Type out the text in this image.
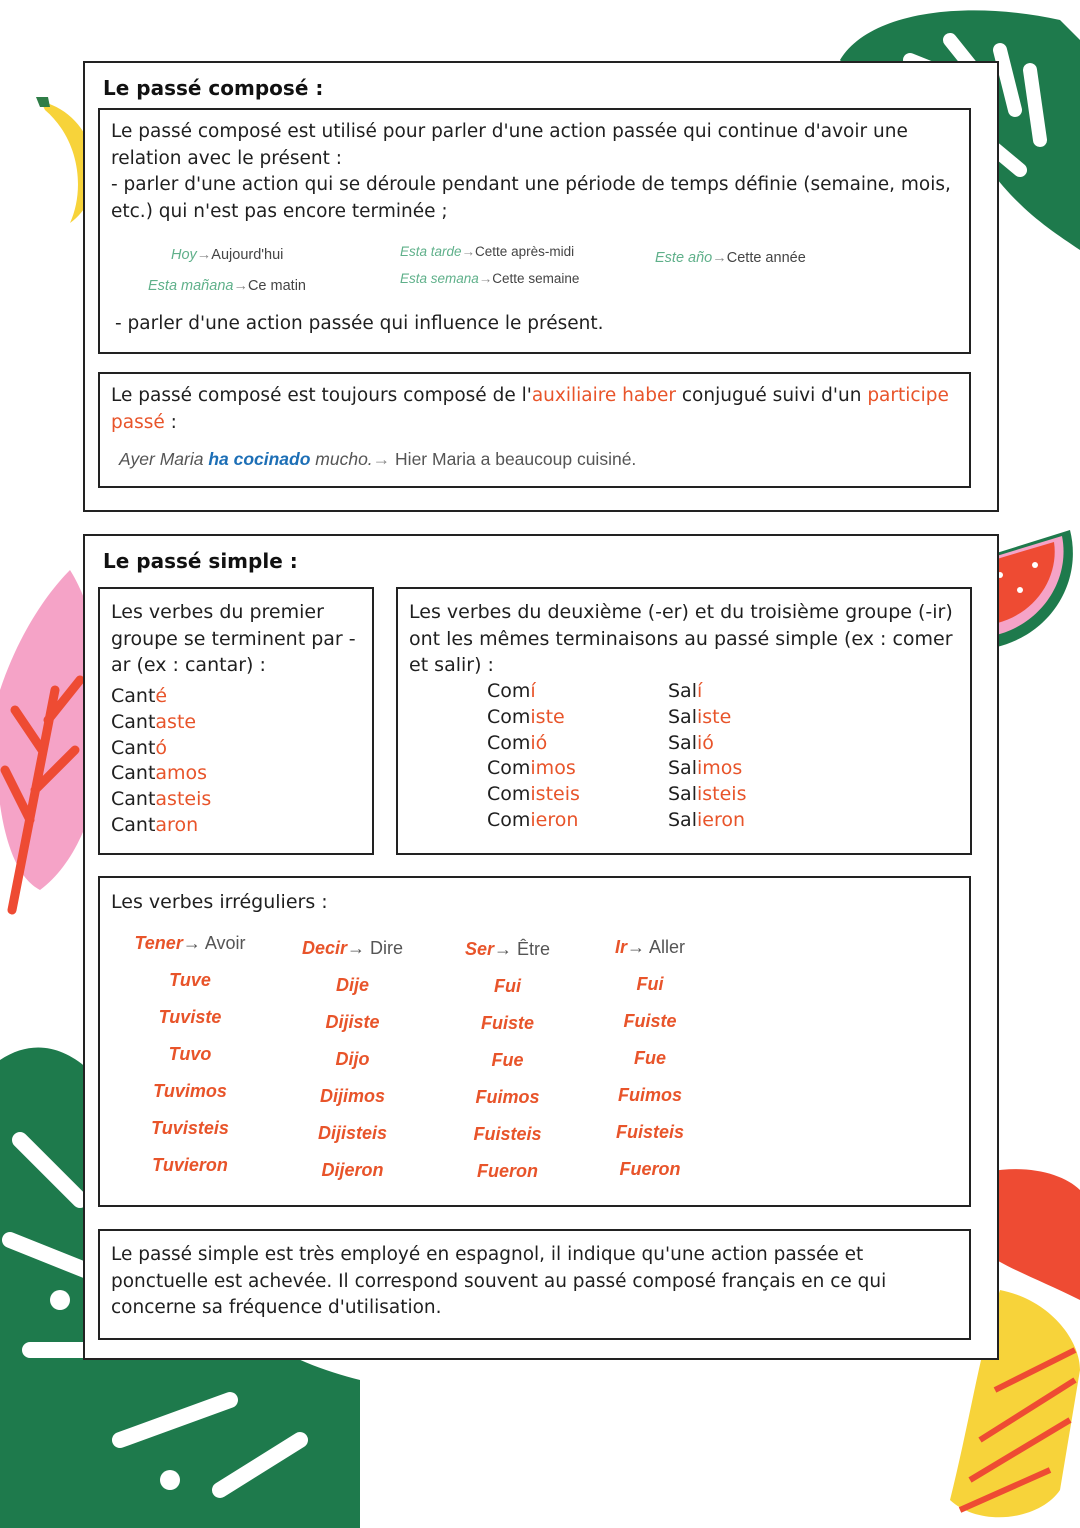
Le passé composé :
Le passé composé est utilisé pour parler d'une action passée qui continue d'avoir une relation avec le présent :
- parler d'une action qui se déroule pendant une période de temps définie (semaine, mois, etc.) qui n'est pas encore terminée ;
Hoy→Aujourd'hui
Esta mañana→Ce matin
Esta tarde→Cette après-midi
Esta semana→Cette semaine
Este año→Cette année
- parler d'une action passée qui influence le présent.
Le passé composé est toujours composé de l'auxiliaire haber conjugué suivi d'un participe passé :
Ayer Maria ha cocinado mucho.→ Hier Maria a beaucoup cuisiné.
Le passé simple :
Les verbes du premier groupe se terminent par -ar (ex : cantar) :
Canté
Cantaste
Cantó
Cantamos
Cantasteis
Cantaron
Les verbes du deuxième (-er) et du troisième groupe (-ir) ont les mêmes terminaisons au passé simple (ex : comer et salir) :
Comí
Comiste
Comió
Comimos
Comisteis
Comieron
Salí
Saliste
Salió
Salimos
Salisteis
Salieron
Les verbes irréguliers :
Tener→ Avoir
Tuve
Tuviste
Tuvo
Tuvimos
Tuvisteis
Tuvieron
Decir→ Dire
Dije
Dijiste
Dijo
Dijimos
Dijisteis
Dijeron
Ser→ Être
Fui
Fuiste
Fue
Fuimos
Fuisteis
Fueron
Ir→ Aller
Fui
Fuiste
Fue
Fuimos
Fuisteis
Fueron
Le passé simple est très employé en espagnol, il indique qu'une action passée et ponctuelle est achevée. Il correspond souvent au passé composé français en ce qui concerne sa fréquence d'utilisation.
